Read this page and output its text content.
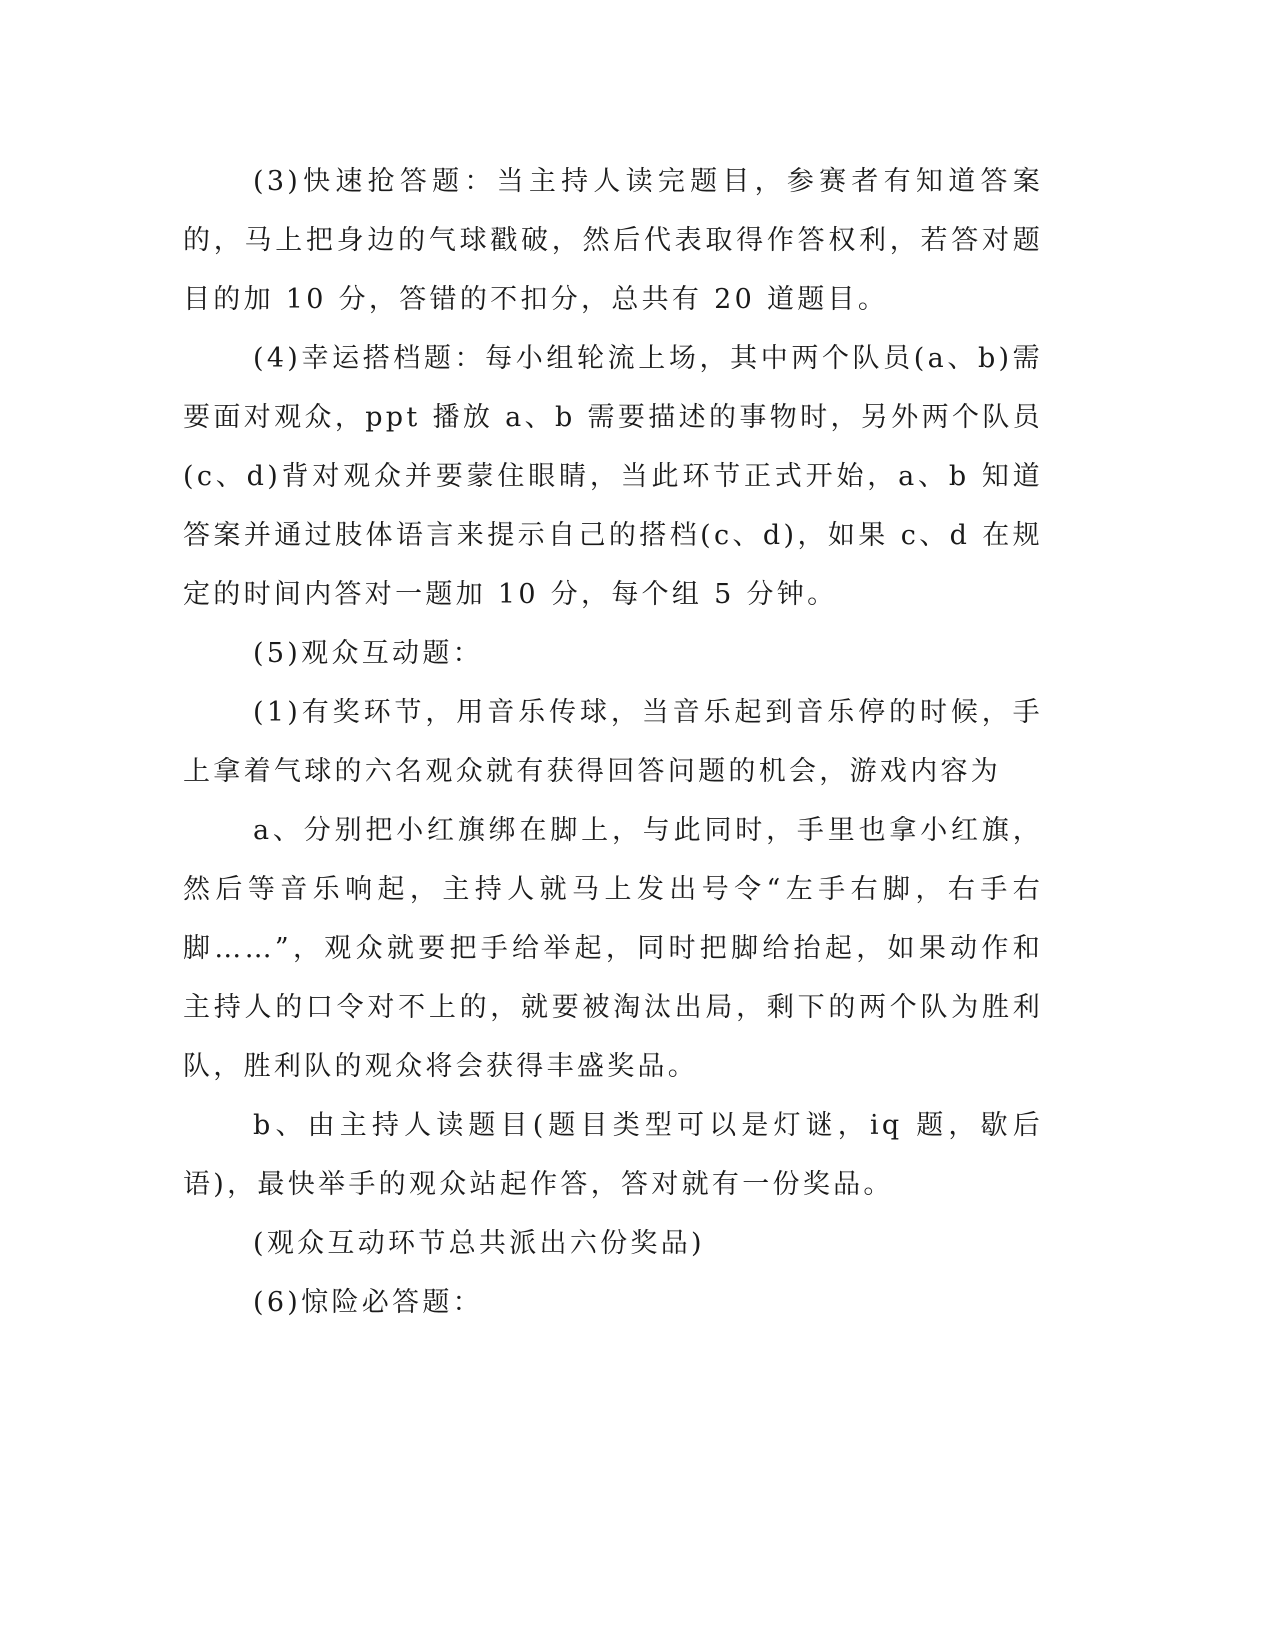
(3)快速抢答题：当主持人读完题目，参赛者有知道答案的，马上把身边的气球戳破，然后代表取得作答权利，若答对题目的加 10 分，答错的不扣分，总共有 20 道题目。

(4)幸运搭档题：每小组轮流上场，其中两个队员(a、b)需要面对观众，ppt 播放 a、b 需要描述的事物时，另外两个队员(c、d)背对观众并要蒙住眼睛，当此环节正式开始，a、b 知道答案并通过肢体语言来提示自己的搭档(c、d)，如果 c、d 在规定的时间内答对一题加 10 分，每个组 5 分钟。

(5)观众互动题：

(1)有奖环节，用音乐传球，当音乐起到音乐停的时候，手上拿着气球的六名观众就有获得回答问题的机会，游戏内容为

a、分别把小红旗绑在脚上，与此同时，手里也拿小红旗，然后等音乐响起，主持人就马上发出号令“左手右脚，右手右脚……”，观众就要把手给举起，同时把脚给抬起，如果动作和主持人的口令对不上的，就要被淘汰出局，剩下的两个队为胜利队，胜利队的观众将会获得丰盛奖品。

b、由主持人读题目(题目类型可以是灯谜，iq 题，歇后语)，最快举手的观众站起作答，答对就有一份奖品。

(观众互动环节总共派出六份奖品)

(6)惊险必答题：
